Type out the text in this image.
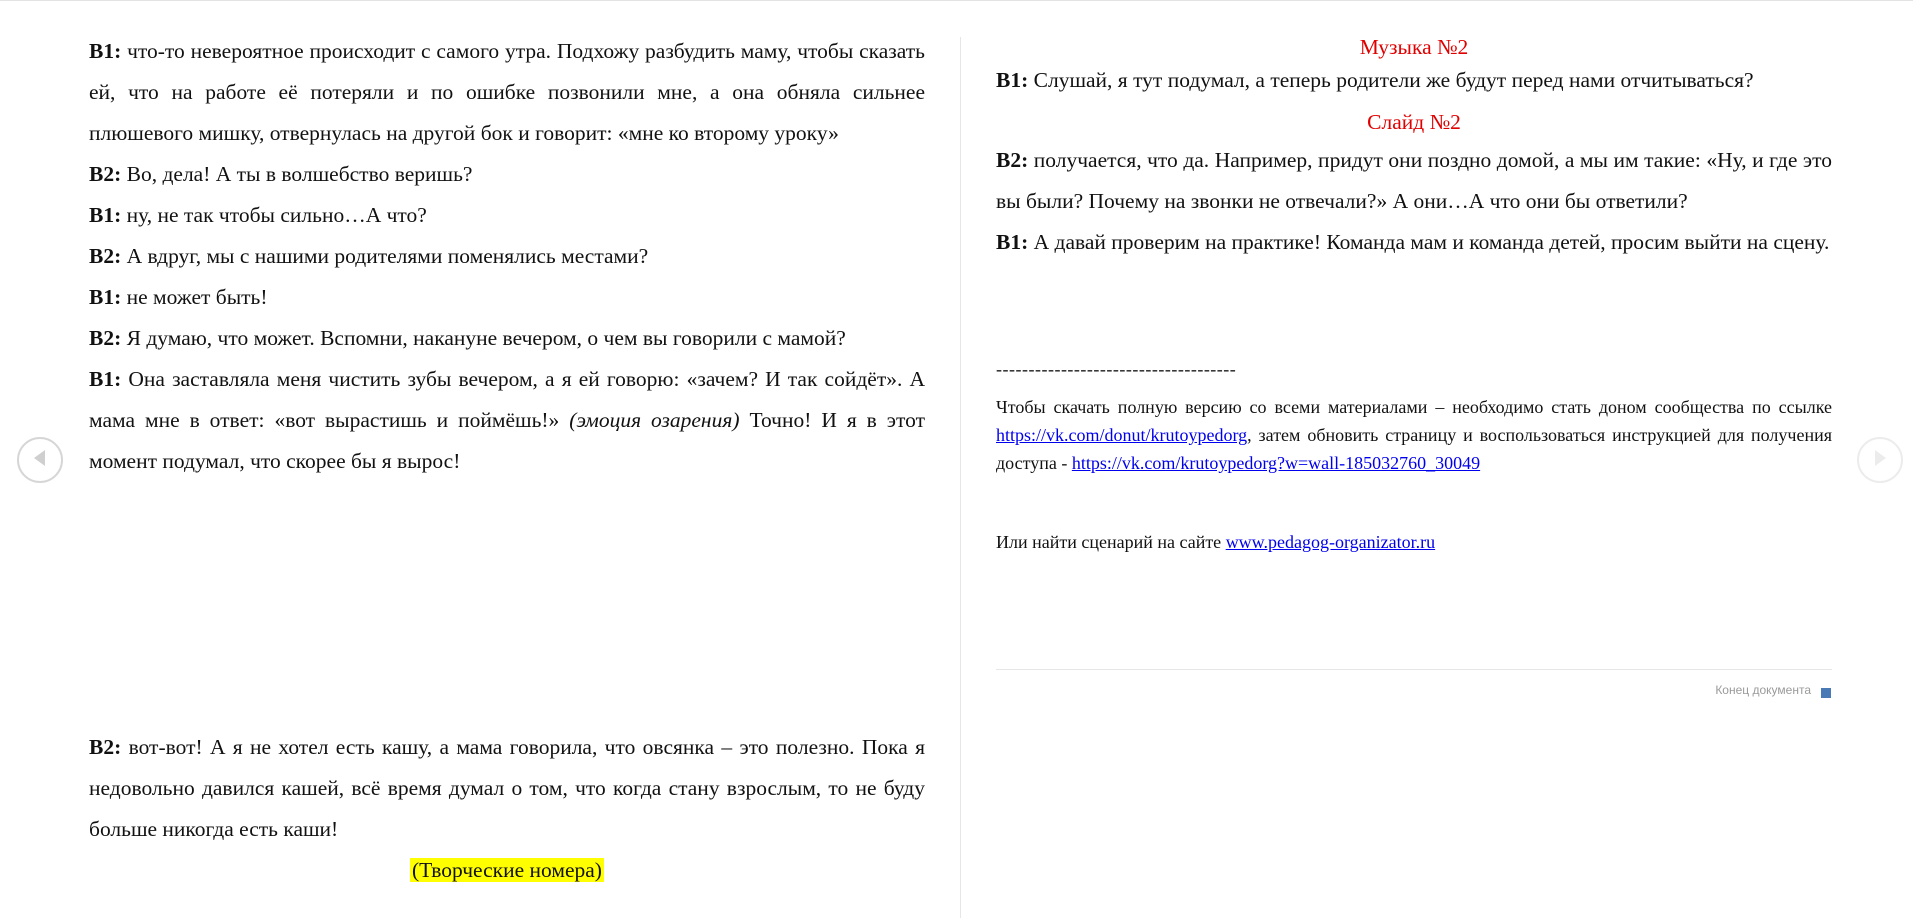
В1: что-то невероятное происходит с самого утра. Подхожу разбудить маму, чтобы сказать ей, что на работе её потеряли и по ошибке позвонили мне, а она обняла сильнее плюшевого мишку, отвернулась на другой бок и говорит: «мне ко второму уроку»

В2: Во, дела! А ты в волшебство веришь?

В1: ну, не так чтобы сильно…А что?

В2: А вдруг, мы с нашими родителями поменялись местами?

В1: не может быть!

В2: Я думаю, что может. Вспомни, накануне вечером, о чем вы говорили с мамой?

В1: Она заставляла меня чистить зубы вечером, а я ей говорю: «зачем? И так сойдёт». А мама мне в ответ: «вот вырастишь и поймёшь!» (эмоция озарения) Точно! И я в этот момент подумал, что скорее бы я вырос!

В2: вот-вот! А я не хотел есть кашу, а мама говорила, что овсянка – это полезно. Пока я недовольно давился кашей, всё время думал о том, что когда стану взрослым, то не буду больше никогда есть каши!

(Творческие номера)

Музыка №2

В1: Слушай, я тут подумал, а теперь родители же будут перед нами отчитываться?

Слайд №2

В2: получается, что да. Например, придут они поздно домой, а мы им такие: «Ну, и где это вы были? Почему на звонки не отвечали?» А они…А что они бы ответили?

В1: А давай проверим на практике! Команда мам и команда детей, просим выйти на сцену.

-------------------------------------

Чтобы скачать полную версию со всеми материалами – необходимо стать доном сообщества по ссылке https://vk.com/donut/krutoypedorg, затем обновить страницу и воспользоваться инструкцией для получения доступа - https://vk.com/krutoypedorg?w=wall-185032760_30049

Или найти сценарий на сайте www.pedagog-organizator.ru

Конец документа
